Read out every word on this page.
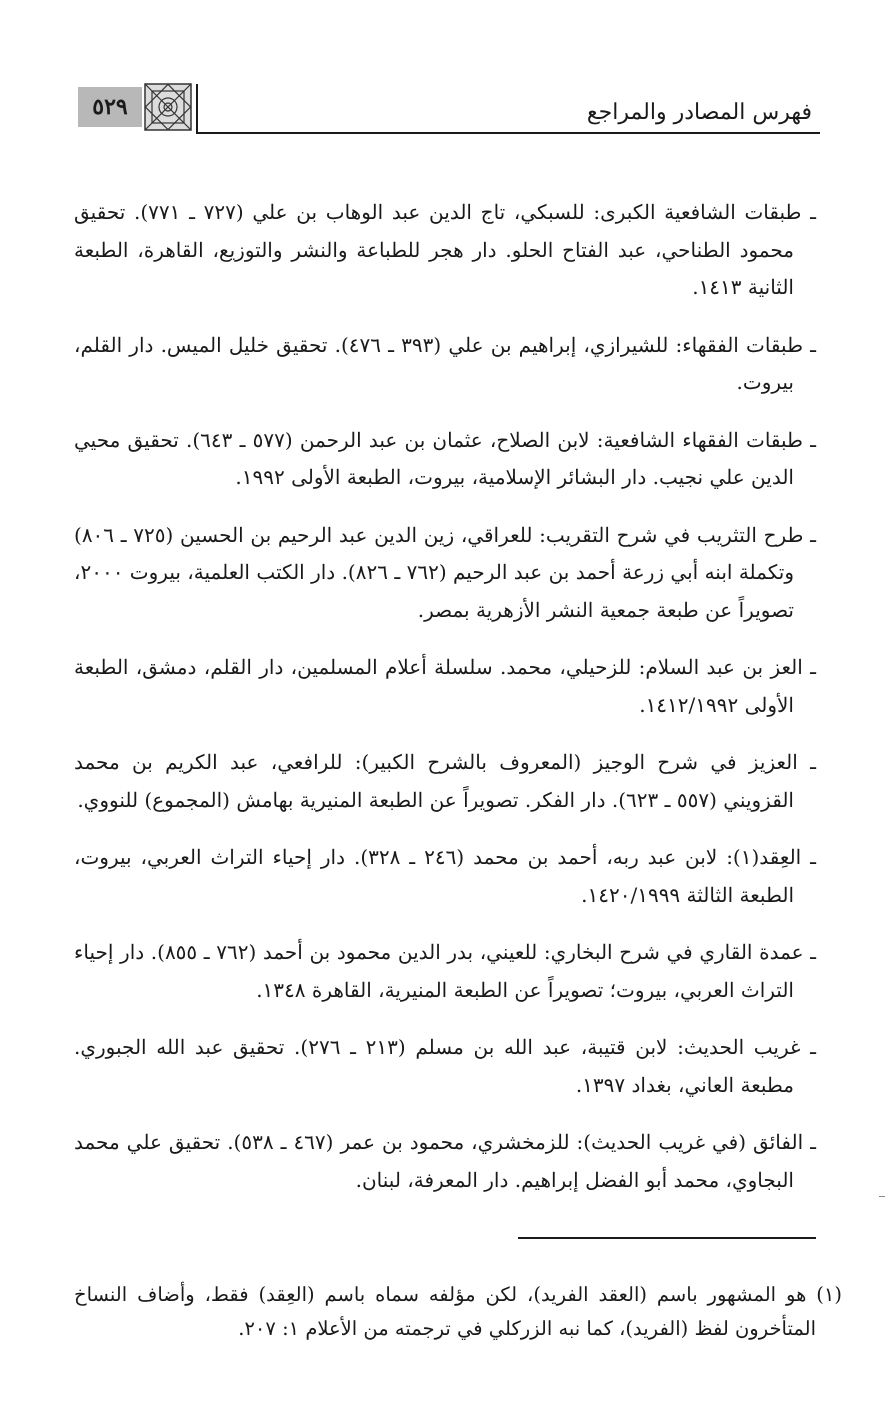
٥٢٩	فهرس المصادر والمراجع

ـ طبقات الشافعية الكبرى: للسبكي، تاج الدين عبد الوهاب بن علي (٧٢٧ ـ ٧٧١). تحقيق محمود الطناحي، عبد الفتاح الحلو. دار هجر للطباعة والنشر والتوزيع، القاهرة، الطبعة الثانية ١٤١٣.

ـ طبقات الفقهاء: للشيرازي، إبراهيم بن علي (٣٩٣ ـ ٤٧٦). تحقيق خليل الميس. دار القلم، بيروت.

ـ طبقات الفقهاء الشافعية: لابن الصلاح، عثمان بن عبد الرحمن (٥٧٧ ـ ٦٤٣). تحقيق محيي الدين علي نجيب. دار البشائر الإسلامية، بيروت، الطبعة الأولى ١٩٩٢.

ـ طرح التثريب في شرح التقريب: للعراقي، زين الدين عبد الرحيم بن الحسين (٧٢٥ ـ ٨٠٦) وتكملة ابنه أبي زرعة أحمد بن عبد الرحيم (٧٦٢ ـ ٨٢٦). دار الكتب العلمية، بيروت ٢٠٠٠، تصويراً عن طبعة جمعية النشر الأزهرية بمصر.

ـ العز بن عبد السلام: للزحيلي، محمد. سلسلة أعلام المسلمين، دار القلم، دمشق، الطبعة الأولى ١٤١٢/١٩٩٢.

ـ العزيز في شرح الوجيز (المعروف بالشرح الكبير): للرافعي، عبد الكريم بن محمد القزويني (٥٥٧ ـ ٦٢٣). دار الفكر. تصويراً عن الطبعة المنيرية بهامش (المجموع) للنووي.

ـ العِقد(١): لابن عبد ربه، أحمد بن محمد (٢٤٦ ـ ٣٢٨). دار إحياء التراث العربي، بيروت، الطبعة الثالثة ١٤٢٠/١٩٩٩.

ـ عمدة القاري في شرح البخاري: للعيني، بدر الدين محمود بن أحمد (٧٦٢ ـ ٨٥٥). دار إحياء التراث العربي، بيروت؛ تصويراً عن الطبعة المنيرية، القاهرة ١٣٤٨.

ـ غريب الحديث: لابن قتيبة، عبد الله بن مسلم (٢١٣ ـ ٢٧٦). تحقيق عبد الله الجبوري. مطبعة العاني، بغداد ١٣٩٧.

ـ الفائق (في غريب الحديث): للزمخشري، محمود بن عمر (٤٦٧ ـ ٥٣٨). تحقيق علي محمد البجاوي، محمد أبو الفضل إبراهيم. دار المعرفة، لبنان.

(١) هو المشهور باسم (العقد الفريد)، لكن مؤلفه سماه باسم (العِقد) فقط، وأضاف النساخ المتأخرون لفظ (الفريد)، كما نبه الزركلي في ترجمته من الأعلام ١: ٢٠٧.
